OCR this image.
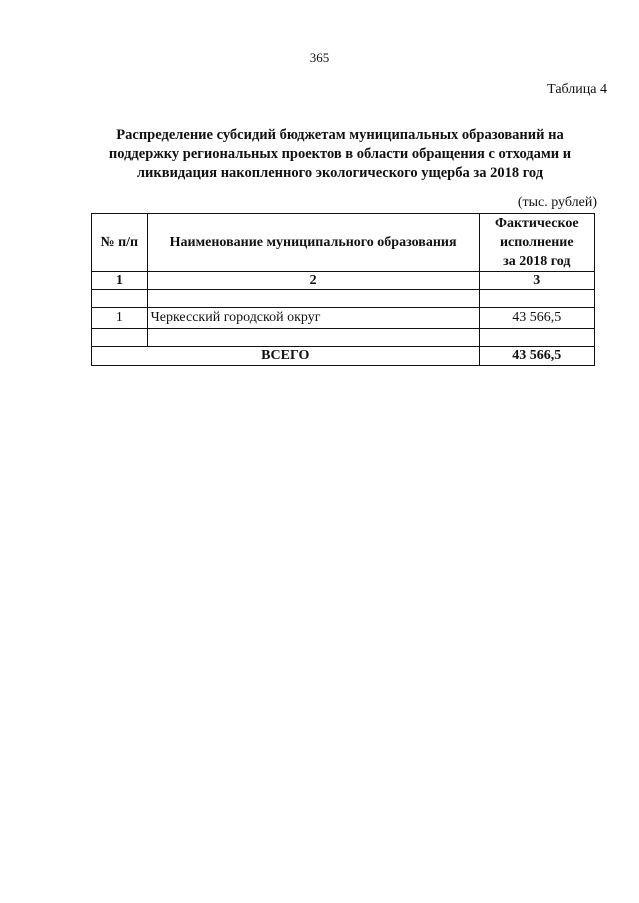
365
Таблица 4
Распределение субсидий бюджетам муниципальных образований на
поддержку региональных проектов в области обращения с отходами и
ликвидация накопленного экологического ущерба за 2018 год
(тыс. рублей)
№ п/п	Наименование муниципального образования	Фактическое
исполнение
за 2018 год

1	2	3

1	Черкесский городской округ	43 566,5

ВСЕГО		43 566,5
